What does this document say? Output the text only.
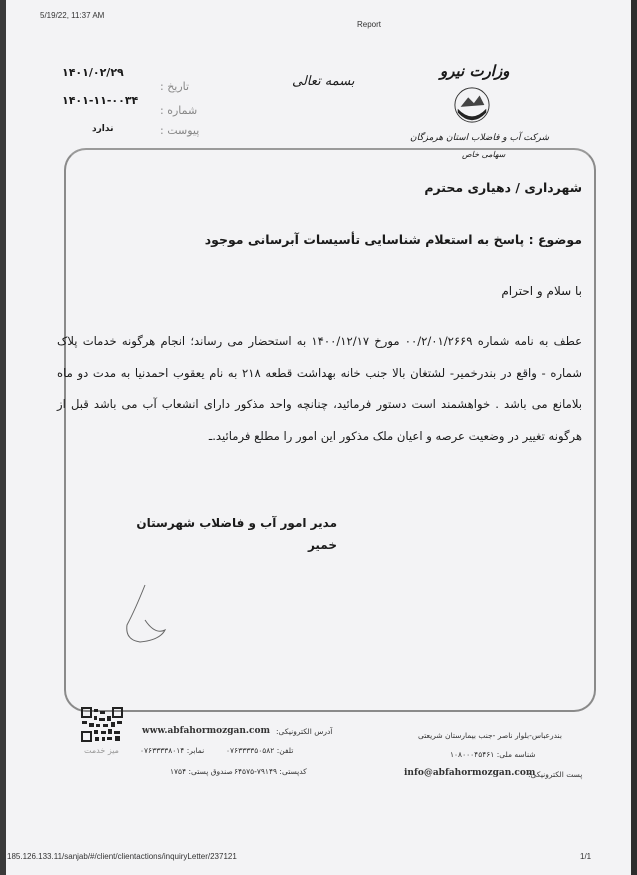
5/19/22, 11:37 AM
Report
۱۴۰۱/۰۲/۲۹
تاریخ :
۱۴۰۱-۱۱-۰۰۳۴
شماره :
ندارد	پیوست :
بسمه تعالی
وزارت نیرو
شرکت آب و فاضلاب استان هرمزگان
سهامی خاص
شهرداری / دهیاری محترم
موضوع : پاسخ به استعلام شناسایی تأسیسات آبرسانی موجود
با سلام و احترام
عطف به نامه شماره ۰۰/۲/۰۱/۲۶۶۹ مورخ ۱۴۰۰/۱۲/۱۷ به استحضار می رساند؛ انجام هرگونه خدمات پلاک شماره - واقع در بندرخمیر- لشتغان بالا جنب خانه بهداشت قطعه ۲۱۸ به نام یعقوب احمدنیا به مدت دو ماه بلامانع می باشد . خواهشمند است دستور فرمائید، چنانچه واحد مذکور دارای انشعاب آب می باشد قبل از هرگونه تغییر در وضعیت عرصه و اعیان ملک مذکور این امور را مطلع فرمائید.ـ
مدیر امور آب و فاضلاب شهرستان
خمیر
میز خدمت
www.abfahormozgan.com آدرس الکترونیکی:
نمابر: ۰۷۶۳۳۳۳۸۰۱۴	تلفن: ۰۷۶۳۳۳۳۵۰۵۸۲
صندوق پستی: ۱۷۵۴ کدپستی: ۷۹۱۴۹-۶۴۵۷۵
بندرعباس-بلوار ناصر -جنب بیمارستان شریعتی
شناسه ملی: ۱۰۸۰۰۰۴۵۴۶۱
info@abfahormozgan.com
پست الکترونیکی:
185.126.133.11/sanjab/#/client/clientactions/inquiryLetter/237121	1/1
